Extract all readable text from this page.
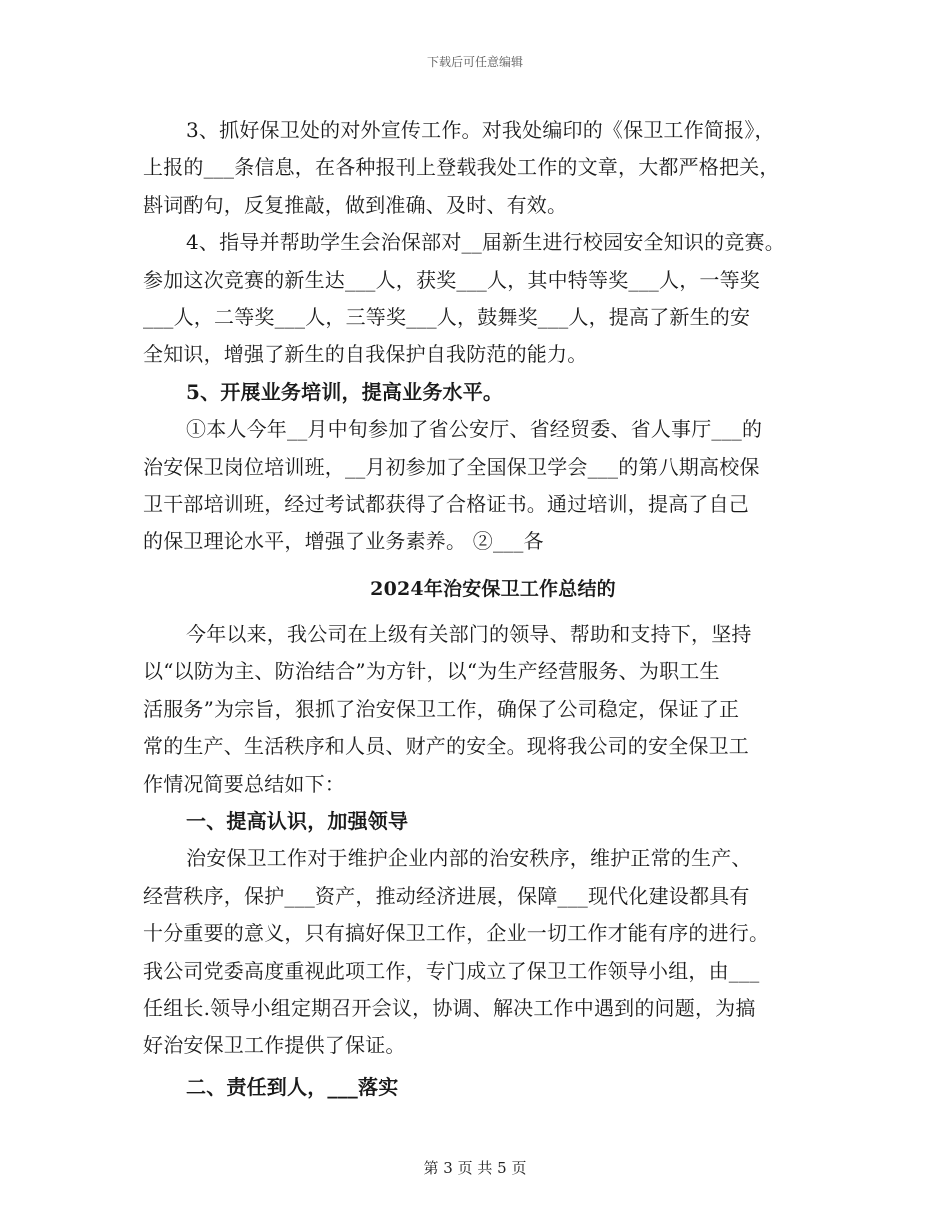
下载后可任意编辑
3、抓好保卫处的对外宣传工作。对我处编印的《保卫工作简报》，
上报的___条信息，在各种报刊上登载我处工作的文章，大都严格把关，
斟词酌句，反复推敲，做到准确、及时、有效。
4、指导并帮助学生会治保部对__届新生进行校园安全知识的竞赛。
参加这次竞赛的新生达___人，获奖___人，其中特等奖___人，一等奖
___人，二等奖___人，三等奖___人，鼓舞奖___人，提高了新生的安
全知识，增强了新生的自我保护自我防范的能力。
5、开展业务培训，提高业务水平。
①本人今年__月中旬参加了省公安厅、省经贸委、省人事厅___的
治安保卫岗位培训班，__月初参加了全国保卫学会___的第八期高校保
卫干部培训班，经过考试都获得了合格证书。通过培训，提高了自己
的保卫理论水平，增强了业务素养。 ②___各
2024年治安保卫工作总结的
今年以来，我公司在上级有关部门的领导、帮助和支持下，坚持
以“以防为主、防治结合”为方针，以“为生产经营服务、为职工生
活服务”为宗旨，狠抓了治安保卫工作，确保了公司稳定，保证了正
常的生产、生活秩序和人员、财产的安全。现将我公司的安全保卫工
作情况简要总结如下：
一、提高认识，加强领导
治安保卫工作对于维护企业内部的治安秩序，维护正常的生产、
经营秩序，保护___资产，推动经济进展，保障___现代化建设都具有
十分重要的意义，只有搞好保卫工作，企业一切工作才能有序的进行。
我公司党委高度重视此项工作，专门成立了保卫工作领导小组，由___
任组长.领导小组定期召开会议，协调、解决工作中遇到的问题，为搞
好治安保卫工作提供了保证。
二、责任到人，___落实
第 3 页 共 5 页
